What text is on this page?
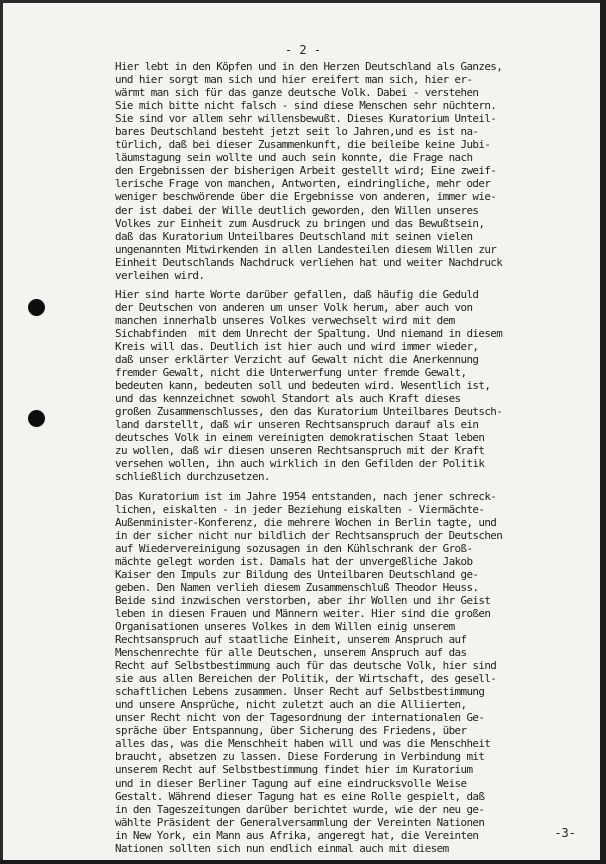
- 2 -
Hier lebt in den Köpfen und in den Herzen Deutschland als Ganzes,
und hier sorgt man sich und hier ereifert man sich, hier er-
wärmt man sich für das ganze deutsche Volk. Dabei - verstehen
Sie mich bitte nicht falsch - sind diese Menschen sehr nüchtern.
Sie sind vor allem sehr willensbewußt. Dieses Kuratorium Unteil-
bares Deutschland besteht jetzt seit lo Jahren,und es ist na-
türlich, daß bei dieser Zusammenkunft, die beileibe keine Jubi-
läumstagung sein wollte und auch sein konnte, die Frage nach
den Ergebnissen der bisherigen Arbeit gestellt wird; Eine zweif-
lerische Frage von manchen, Antworten, eindringliche, mehr oder
weniger beschwörende über die Ergebnisse von anderen, immer wie-
der ist dabei der Wille deutlich geworden, den Willen unseres
Volkes zur Einheit zum Ausdruck zu bringen und das Bewußtsein,
daß das Kuratorium Unteilbares Deutschland mit seinen vielen
ungenannten Mitwirkenden in allen Landesteilen diesem Willen zur
Einheit Deutschlands Nachdruck verliehen hat und weiter Nachdruck
verleihen wird.
Hier sind harte Worte darüber gefallen, daß häufig die Geduld
der Deutschen von anderen um unser Volk herum, aber auch von
manchen innerhalb unseres Volkes verwechselt wird mit dem
Sichabfinden  mit dem Unrecht der Spaltung. Und niemand in diesem
Kreis will das. Deutlich ist hier auch und wird immer wieder,
daß unser erklärter Verzicht auf Gewalt nicht die Anerkennung
fremder Gewalt, nicht die Unterwerfung unter fremde Gewalt,
bedeuten kann, bedeuten soll und bedeuten wird. Wesentlich ist,
und das kennzeichnet sowohl Standort als auch Kraft dieses
großen Zusammenschlusses, den das Kuratorium Unteilbares Deutsch-
land darstellt, daß wir unseren Rechtsanspruch darauf als ein
deutsches Volk in einem vereinigten demokratischen Staat leben
zu wollen, daß wir diesen unseren Rechtsanspruch mit der Kraft
versehen wollen, ihn auch wirklich in den Gefilden der Politik
schließlich durchzusetzen.
Das Kuratorium ist im Jahre 1954 entstanden, nach jener schreck-
lichen, eiskalten - in jeder Beziehung eiskalten - Viermächte-
Außenminister-Konferenz, die mehrere Wochen in Berlin tagte, und
in der sicher nicht nur bildlich der Rechtsanspruch der Deutschen
auf Wiedervereinigung sozusagen in den Kühlschrank der Groß-
mächte gelegt worden ist. Damals hat der unvergeßliche Jakob
Kaiser den Impuls zur Bildung des Unteilbaren Deutschland ge-
geben. Den Namen verlieh diesem Zusammenschluß Theodor Heuss.
Beide sind inzwischen verstorben, aber ihr Wollen und ihr Geist
leben in diesen Frauen und Männern weiter. Hier sind die großen
Organisationen unseres Volkes in dem Willen einig unserem
Rechtsanspruch auf staatliche Einheit, unserem Anspruch auf
Menschenrechte für alle Deutschen, unserem Anspruch auf das
Recht auf Selbstbestimmung auch für das deutsche Volk, hier sind
sie aus allen Bereichen der Politik, der Wirtschaft, des gesell-
schaftlichen Lebens zusammen. Unser Recht auf Selbstbestimmung
und unsere Ansprüche, nicht zuletzt auch an die Alliierten,
unser Recht nicht von der Tagesordnung der internationalen Ge-
spräche über Entspannung, über Sicherung des Friedens, über
alles das, was die Menschheit haben will und was die Menschheit
braucht, absetzen zu lassen. Diese Forderung in Verbindung mit
unserem Recht auf Selbstbestimmung findet hier im Kuratorium
und in dieser Berliner Tagung auf eine eindrucksvolle Weise
Gestalt. Während dieser Tagung hat es eine Rolle gespielt, daß
in den Tageszeitungen darüber berichtet wurde, wie der neu ge-
wählte Präsident der Generalversammlung der Vereinten Nationen
in New York, ein Mann aus Afrika, angeregt hat, die Vereinten
Nationen sollten sich nun endlich einmal auch mit diesem
-3-
